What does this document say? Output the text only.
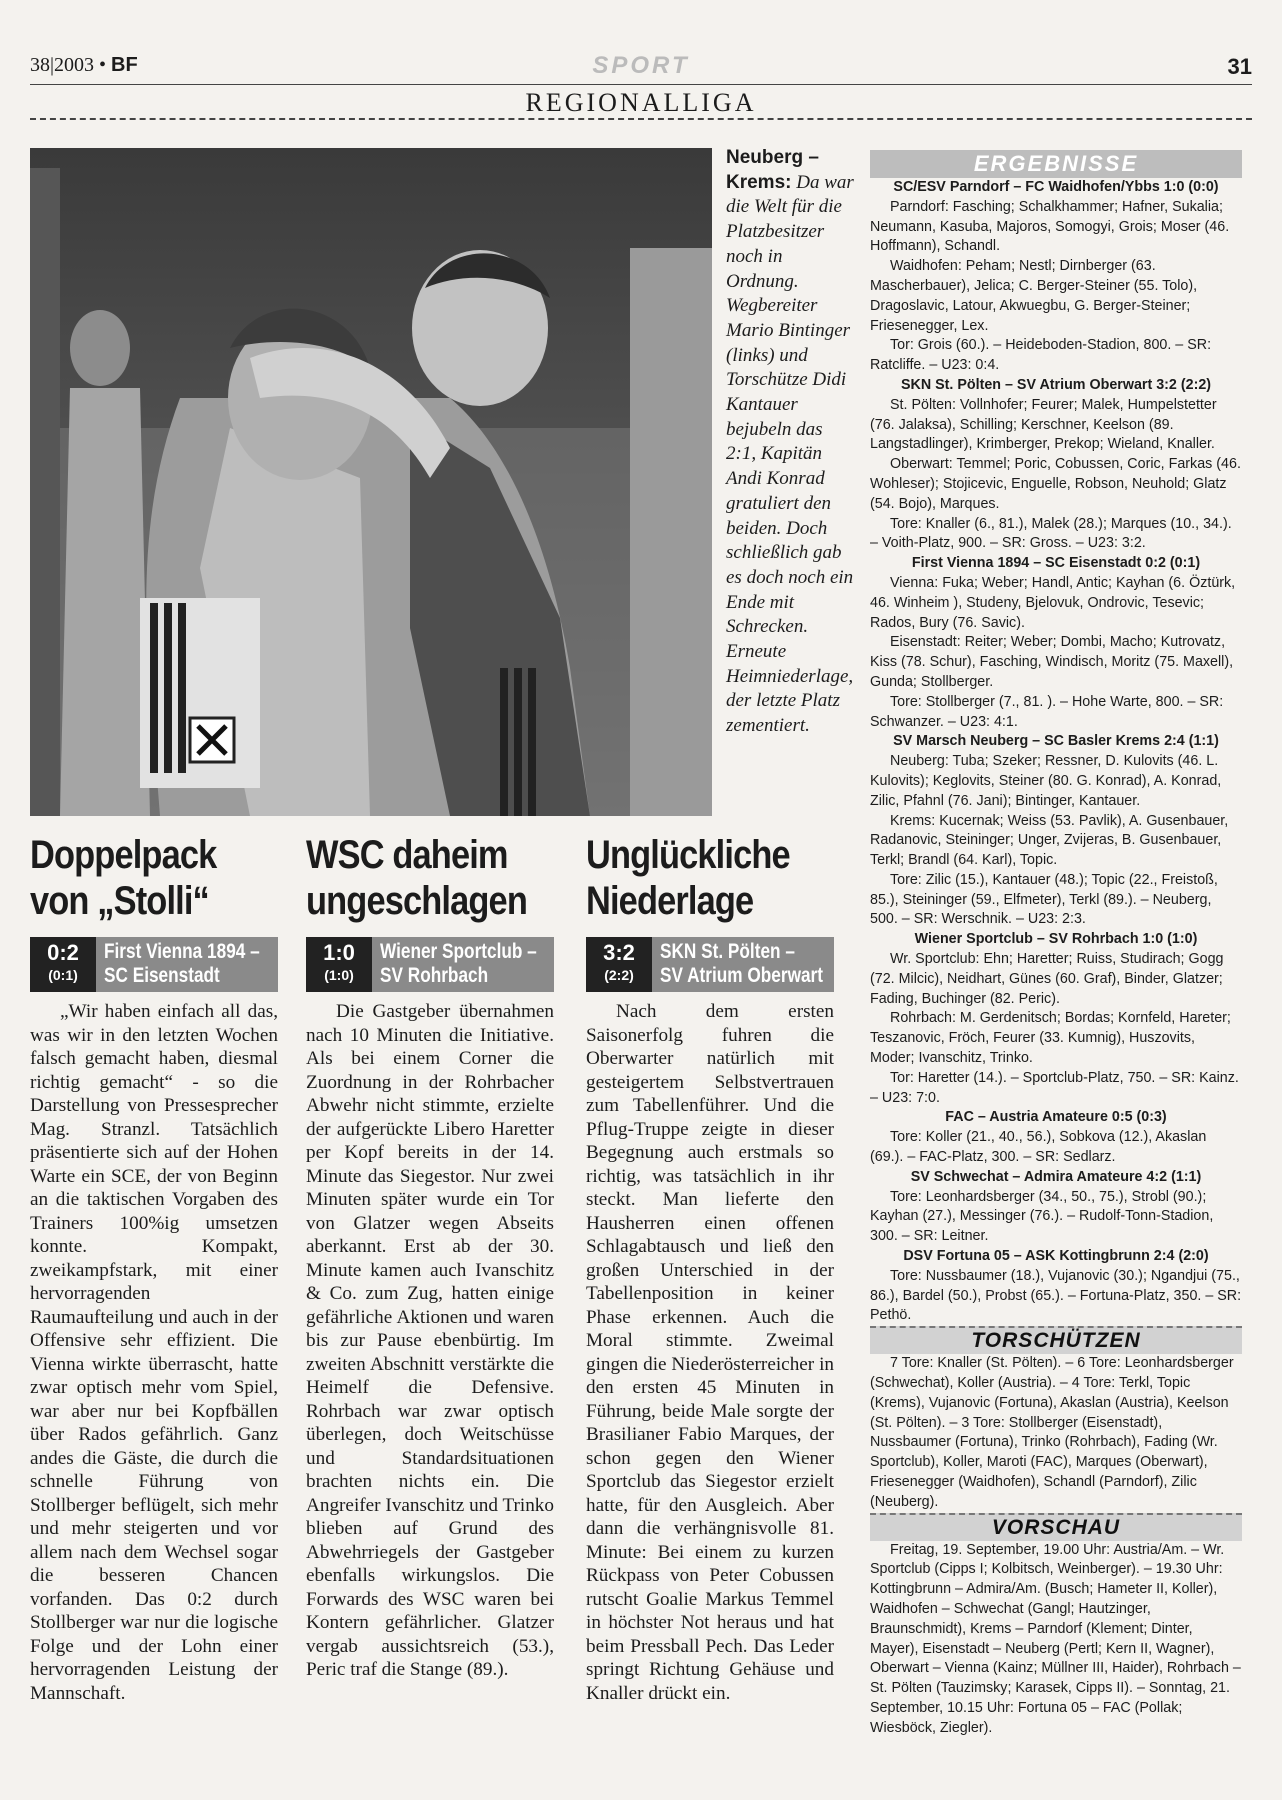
38|2003 • BF	SPORT	31
REGIONALLIGA
Neuberg – Krems: Da war die Welt für die Platzbesitzer noch in Ordnung. Wegbereiter Mario Bintinger (links) und Torschütze Didi Kantauer bejubeln das 2:1, Kapitän Andi Konrad gratuliert den beiden. Doch schließlich gab es doch noch ein Ende mit Schrecken. Erneute Heimniederlage, der letzte Platz zementiert.
Doppelpack
von „Stolli“
0:2
(0:1)
First Vienna 1894 –
SC Eisenstadt

„Wir haben einfach all das, was wir in den letzten Wochen falsch gemacht haben, diesmal richtig gemacht“ - so die Darstellung von Pressesprecher Mag. Stranzl. Tatsächlich präsentierte sich auf der Hohen Warte ein SCE, der von Beginn an die taktischen Vorgaben des Trainers 100%ig umsetzen konnte. Kompakt, zweikampfstark, mit einer hervorragenden Raumaufteilung und auch in der Offensive sehr effizient. Die Vienna wirkte überrascht, hatte zwar optisch mehr vom Spiel, war aber nur bei Kopfbällen über Rados gefährlich. Ganz andes die Gäste, die durch die schnelle Führung von Stollberger beflügelt, sich mehr und mehr steigerten und vor allem nach dem Wechsel sogar die besseren Chancen vorfanden. Das 0:2 durch Stollberger war nur die logische Folge und der Lohn einer hervorragenden Leistung der Mannschaft.

WSC daheim
ungeschlagen
1:0
(1:0)
Wiener Sportclub –
SV Rohrbach

Die Gastgeber übernahmen nach 10 Minuten die Initiative. Als bei einem Corner die Zuordnung in der Rohrbacher Abwehr nicht stimmte, erzielte der aufgerückte Libero Haretter per Kopf bereits in der 14. Minute das Siegestor. Nur zwei Minuten später wurde ein Tor von Glatzer wegen Abseits aberkannt. Erst ab der 30. Minute kamen auch Ivanschitz & Co. zum Zug, hatten einige gefährliche Aktionen und waren bis zur Pause ebenbürtig. Im zweiten Abschnitt verstärkte die Heimelf die Defensive. Rohrbach war zwar optisch überlegen, doch Weitschüsse und Standardsituationen brachten nichts ein. Die Angreifer Ivanschitz und Trinko blieben auf Grund des Abwehrriegels der Gastgeber ebenfalls wirkungslos. Die Forwards des WSC waren bei Kontern gefährlicher. Glatzer vergab aussichtsreich (53.), Peric traf die Stange (89.).

Unglückliche
Niederlage
3:2
(2:2)
SKN St. Pölten –
SV Atrium Oberwart

Nach dem ersten Saisonerfolg fuhren die Oberwarter natürlich mit gesteigertem Selbstvertrauen zum Tabellenführer. Und die Pflug-Truppe zeigte in dieser Begegnung auch erstmals so richtig, was tatsächlich in ihr steckt. Man lieferte den Hausherren einen offenen Schlagabtausch und ließ den großen Unterschied in der Tabellenposition in keiner Phase erkennen. Auch die Moral stimmte. Zweimal gingen die Niederösterreicher in den ersten 45 Minuten in Führung, beide Male sorgte der Brasilianer Fabio Marques, der schon gegen den Wiener Sportclub das Siegestor erzielt hatte, für den Ausgleich. Aber dann die verhängnisvolle 81. Minute: Bei einem zu kurzen Rückpass von Peter Cobussen rutscht Goalie Markus Temmel in höchster Not heraus und hat beim Pressball Pech. Das Leder springt Richtung Gehäuse und Knaller drückt ein.

ERGEBNISSE

SC/ESV Parndorf – FC Waidhofen/Ybbs 1:0 (0:0)

Parndorf: Fasching; Schalkhammer; Hafner, Sukalia; Neumann, Kasuba, Majoros, Somogyi, Grois; Moser (46. Hoffmann), Schandl.

Waidhofen: Peham; Nestl; Dirnberger (63. Mascherbauer), Jelica; C. Berger-Steiner (55. Tolo), Dragoslavic, Latour, Akwuegbu, G. Berger-Steiner; Friesenegger, Lex.

Tor: Grois (60.). – Heideboden-Stadion, 800. – SR: Ratcliffe. – U23: 0:4.

SKN St. Pölten – SV Atrium Oberwart 3:2 (2:2)

St. Pölten: Vollnhofer; Feurer; Malek, Humpelstetter (76. Jalaksa), Schilling; Kerschner, Keelson (89. Langstadlinger), Krimberger, Prekop; Wieland, Knaller.

Oberwart: Temmel; Poric, Cobussen, Coric, Farkas (46. Wohleser); Stojicevic, Enguelle, Robson, Neuhold; Glatz (54. Bojo), Marques.

Tore: Knaller (6., 81.), Malek (28.); Marques (10., 34.). – Voith-Platz, 900. – SR: Gross. – U23: 3:2.

First Vienna 1894 – SC Eisenstadt 0:2 (0:1)

Vienna: Fuka; Weber; Handl, Antic; Kayhan (6. Öztürk, 46. Winheim ), Studeny, Bjelovuk, Ondrovic, Tesevic; Rados, Bury (76. Savic).

Eisenstadt: Reiter; Weber; Dombi, Macho; Kutrovatz, Kiss (78. Schur), Fasching, Windisch, Moritz (75. Maxell), Gunda; Stollberger.

Tore: Stollberger (7., 81. ). – Hohe Warte, 800. – SR: Schwanzer. – U23: 4:1.

SV Marsch Neuberg – SC Basler Krems 2:4 (1:1)

Neuberg: Tuba; Szeker; Ressner, D. Kulovits (46. L. Kulovits); Keglovits, Steiner (80. G. Konrad), A. Konrad, Zilic, Pfahnl (76. Jani); Bintinger, Kantauer.

Krems: Kucernak; Weiss (53. Pavlik), A. Gusenbauer, Radanovic, Steininger; Unger, Zvijeras, B. Gusenbauer, Terkl; Brandl (64. Karl), Topic.

Tore: Zilic (15.), Kantauer (48.); Topic (22., Freistoß, 85.), Steininger (59., Elfmeter), Terkl (89.). – Neuberg, 500. – SR: Werschnik. – U23: 2:3.

Wiener Sportclub – SV Rohrbach 1:0 (1:0)

Wr. Sportclub: Ehn; Haretter; Ruiss, Studirach; Gogg (72. Milcic), Neidhart, Günes (60. Graf), Binder, Glatzer; Fading, Buchinger (82. Peric).

Rohrbach: M. Gerdenitsch; Bordas; Kornfeld, Hareter; Teszanovic, Fröch, Feurer (33. Kumnig), Huszovits, Moder; Ivanschitz, Trinko.

Tor: Haretter (14.). – Sportclub-Platz, 750. – SR: Kainz. – U23: 7:0.

FAC – Austria Amateure 0:5 (0:3)

Tore: Koller (21., 40., 56.), Sobkova (12.), Akaslan (69.). – FAC-Platz, 300. – SR: Sedlarz.

SV Schwechat – Admira Amateure 4:2 (1:1)

Tore: Leonhardsberger (34., 50., 75.), Strobl (90.); Kayhan (27.), Messinger (76.). – Rudolf-Tonn-Stadion, 300. – SR: Leitner.

DSV Fortuna 05 – ASK Kottingbrunn 2:4 (2:0)

Tore: Nussbaumer (18.), Vujanovic (30.); Ngandjui (75., 86.), Bardel (50.), Probst (65.). – Fortuna-Platz, 350. – SR: Pethö.

TORSCHÜTZEN

7 Tore: Knaller (St. Pölten). – 6 Tore: Leonhardsberger (Schwechat), Koller (Austria). – 4 Tore: Terkl, Topic (Krems), Vujanovic (Fortuna), Akaslan (Austria), Keelson (St. Pölten). – 3 Tore: Stollberger (Eisenstadt), Nussbaumer (Fortuna), Trinko (Rohrbach), Fading (Wr. Sportclub), Koller, Maroti (FAC), Marques (Oberwart), Friesenegger (Waidhofen), Schandl (Parndorf), Zilic (Neuberg).

VORSCHAU

Freitag, 19. September, 19.00 Uhr: Austria/Am. – Wr. Sportclub (Cipps I; Kolbitsch, Weinberger). – 19.30 Uhr: Kottingbrunn – Admira/Am. (Busch; Hameter II, Koller), Waidhofen – Schwechat (Gangl; Hautzinger, Braunschmidt), Krems – Parndorf (Klement; Dinter, Mayer), Eisenstadt – Neuberg (Pertl; Kern II, Wagner), Oberwart – Vienna (Kainz; Müllner III, Haider), Rohrbach – St. Pölten (Tauzimsky; Karasek, Cipps II). – Sonntag, 21. September, 10.15 Uhr: Fortuna 05 – FAC (Pollak; Wiesböck, Ziegler).
